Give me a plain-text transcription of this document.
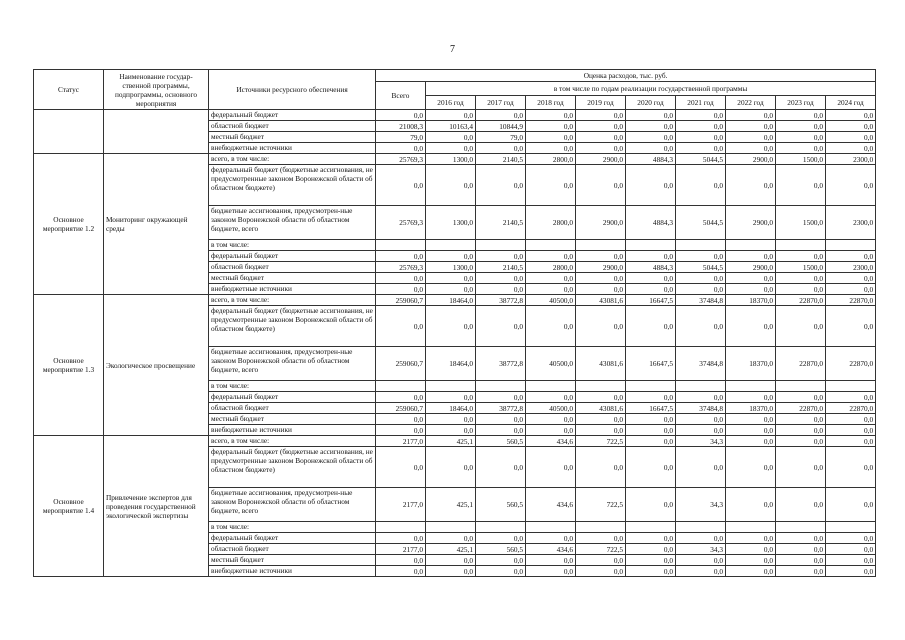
7
Статус	Наименование государ-ственной программы, подпрограммы, основного мероприятия	Источники ресурсного обеспечения	Оценка расходов, тыс. руб.									
			Всего	в том числе по годам реализации государственной программы								
				2016 год	2017 год	2018 год	2019 год	2020 год	2021 год	2022 год	2023 год	2024 год
		федеральный бюджет	0,0	0,0	0,0	0,0	0,0	0,0	0,0	0,0	0,0	0,0
		областной бюджет	21008,3	10163,4	10844,9	0,0	0,0	0,0	0,0	0,0	0,0	0,0
		местный бюджет	79,0	0,0	79,0	0,0	0,0	0,0	0,0	0,0	0,0	0,0
		внебюджетные источники	0,0	0,0	0,0	0,0	0,0	0,0	0,0	0,0	0,0	0,0
Основное мероприятие 1.2	Мониторинг окружающей среды	всего, в том числе:	25769,3	1300,0	2140,5	2800,0	2900,0	4884,3	5044,5	2900,0	1500,0	2300,0
		федеральный бюджет (бюджетные ассигнования, не предусмотренные законом Воронежской области об областном бюджете)	0,0	0,0	0,0	0,0	0,0	0,0	0,0	0,0	0,0	0,0
		бюджетные ассигнования, предусмотрен-ные законом Воронежской области об областном бюджете, всего	25769,3	1300,0	2140,5	2800,0	2900,0	4884,3	5044,5	2900,0	1500,0	2300,0
		в том числе:										
		федеральный бюджет	0,0	0,0	0,0	0,0	0,0	0,0	0,0	0,0	0,0	0,0
		областной бюджет	25769,3	1300,0	2140,5	2800,0	2900,0	4884,3	5044,5	2900,0	1500,0	2300,0
		местный бюджет	0,0	0,0	0,0	0,0	0,0	0,0	0,0	0,0	0,0	0,0
		внебюджетные источники	0,0	0,0	0,0	0,0	0,0	0,0	0,0	0,0	0,0	0,0
Основное мероприятие 1.3	Экологическое просвещение	всего, в том числе:	259060,7	18464,0	38772,8	40500,0	43081,6	16647,5	37484,8	18370,0	22870,0	22870,0
		федеральный бюджет (бюджетные ассигнования, не предусмотренные законом Воронежской области об областном бюджете)	0,0	0,0	0,0	0,0	0,0	0,0	0,0	0,0	0,0	0,0
		бюджетные ассигнования, предусмотрен-ные законом Воронежской области об областном бюджете, всего	259060,7	18464,0	38772,8	40500,0	43081,6	16647,5	37484,8	18370,0	22870,0	22870,0
		в том числе:										
		федеральный бюджет	0,0	0,0	0,0	0,0	0,0	0,0	0,0	0,0	0,0	0,0
		областной бюджет	259060,7	18464,0	38772,8	40500,0	43081,6	16647,5	37484,8	18370,0	22870,0	22870,0
		местный бюджет	0,0	0,0	0,0	0,0	0,0	0,0	0,0	0,0	0,0	0,0
		внебюджетные источники	0,0	0,0	0,0	0,0	0,0	0,0	0,0	0,0	0,0	0,0
Основное мероприятие 1.4	Привлечение экспертов для проведения государственной экологической экспертизы	всего, в том числе:	2177,0	425,1	560,5	434,6	722,5	0,0	34,3	0,0	0,0	0,0
		федеральный бюджет (бюджетные ассигнования, не предусмотренные законом Воронежской области об областном бюджете)	0,0	0,0	0,0	0,0	0,0	0,0	0,0	0,0	0,0	0,0
		бюджетные ассигнования, предусмотрен-ные законом Воронежской области об областном бюджете, всего	2177,0	425,1	560,5	434,6	722,5	0,0	34,3	0,0	0,0	0,0
		в том числе:										
		федеральный бюджет	0,0	0,0	0,0	0,0	0,0	0,0	0,0	0,0	0,0	0,0
		областной бюджет	2177,0	425,1	560,5	434,6	722,5	0,0	34,3	0,0	0,0	0,0
		местный бюджет	0,0	0,0	0,0	0,0	0,0	0,0	0,0	0,0	0,0	0,0
		внебюджетные источники	0,0	0,0	0,0	0,0	0,0	0,0	0,0	0,0	0,0	0,0
